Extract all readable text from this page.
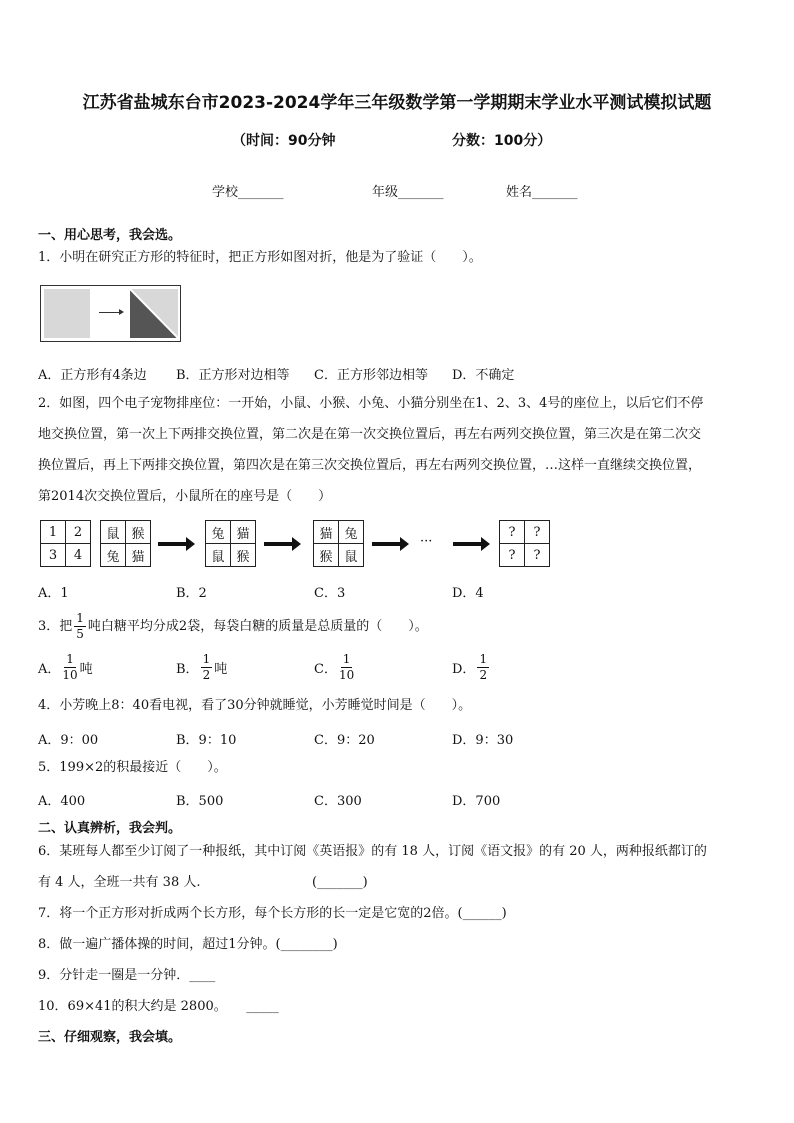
江苏省盐城东台市2023-2024学年三年级数学第一学期期末学业水平测试模拟试题
（时间：90分钟	分数：100分）
学校_______	年级_______	姓名_______
一、用心思考，我会选。
1．小明在研究正方形的特征时，把正方形如图对折，他是为了验证（　　）。
A．正方形有4条边 B．正方形对边相等 C．正方形邻边相等 D．不确定
2．如图，四个电子宠物排座位：一开始，小鼠、小猴、小兔、小猫分别坐在1、2、3、4号的座位上，以后它们不停
地交换位置，第一次上下两排交换位置，第二次是在第一次交换位置后，再左右两列交换位置，第三次是在第二次交
换位置后，再上下两排交换位置，第四次是在第三次交换位置后，再左右两列交换位置，…这样一直继续交换位置，
第2014次交换位置后，小鼠所在的座号是（　　）
1	2
3	4
鼠	猴
兔	猫
兔	猫
鼠	猴
猫	兔
猴	鼠
···
?	?
?	?
A．1	B．2	C．3	D．4
3．把 $\frac{1}{5}$ 吨白糖平均分成2袋，每袋白糖的质量是总质量的（　　）。
A． $\frac{1}{10}$ 吨	B． $\frac{1}{2}$ 吨	C． $\frac{1}{10}$	D． $\frac{1}{2}$
4．小芳晚上8：40看电视，看了30分钟就睡觉，小芳睡觉时间是（　　）。
A．9：00	B．9：10	C．9：20	D．9：30
5．199×2的积最接近（　　）。
A．400	B．500	C．300	D．700
二、认真辨析，我会判。
6．某班每人都至少订阅了一种报纸，其中订阅《英语报》的有 18 人，订阅《语文报》的有 20 人，两种报纸都订的
有 4 人，全班一共有 38 人.	(_______)
7．将一个正方形对折成两个长方形，每个长方形的长一定是它宽的2倍。(______)
8．做一遍广播体操的时间，超过1分钟。(________)
9．分针走一圈是一分钟．____
10．69×41的积大约是 2800。　　_____
三、仔细观察，我会填。
